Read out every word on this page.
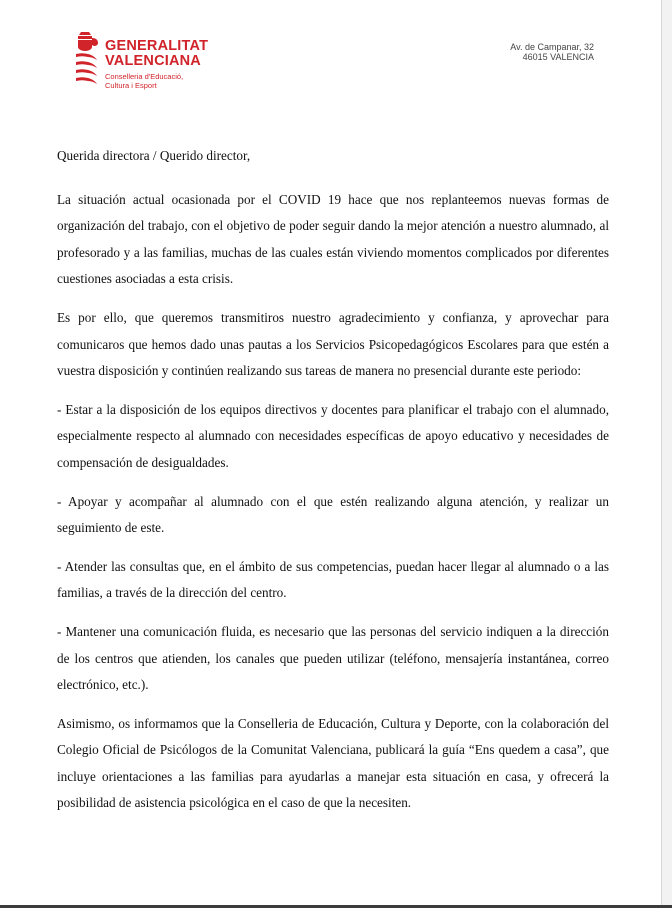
GENERALITAT
VALENCIANA
Conselleria d'Educació,
Cultura i Esport
Av. de Campanar, 32
46015 VALENCIA

Querida directora / Querido director,

La situación actual ocasionada por el COVID 19 hace que nos replanteemos nuevas formas de organización del trabajo, con el objetivo de poder seguir dando la mejor atención a nuestro alumnado, al profesorado y a las familias, muchas de las cuales están viviendo momentos complicados por diferentes cuestiones asociadas a esta crisis.

Es por ello, que queremos transmitiros nuestro agradecimiento y confianza, y aprovechar para comunicaros que hemos dado unas pautas a los Servicios Psicopedagógicos Escolares para que estén a vuestra disposición y continúen realizando sus tareas de manera no presencial durante este periodo:

- Estar a la disposición de los equipos directivos y docentes para planificar el trabajo con el alumnado, especialmente respecto al alumnado con necesidades específicas de apoyo educativo y necesidades de compensación de desigualdades.

- Apoyar y acompañar al alumnado con el que estén realizando alguna atención, y realizar un seguimiento de este.

- Atender las consultas que, en el ámbito de sus competencias, puedan hacer llegar al alumnado o a las familias, a través de la dirección del centro.

- Mantener una comunicación fluida, es necesario que las personas del servicio indiquen a la dirección de los centros que atienden, los canales que pueden utilizar (teléfono, mensajería instantánea, correo electrónico, etc.).

Asimismo, os informamos que la Conselleria de Educación, Cultura y Deporte, con la colaboración del Colegio Oficial de Psicólogos de la Comunitat Valenciana, publicará la guía “Ens quedem a casa”, que incluye orientaciones a las familias para ayudarlas a manejar esta situación en casa, y ofrecerá la posibilidad de asistencia psicológica en el caso de que la necesiten.
